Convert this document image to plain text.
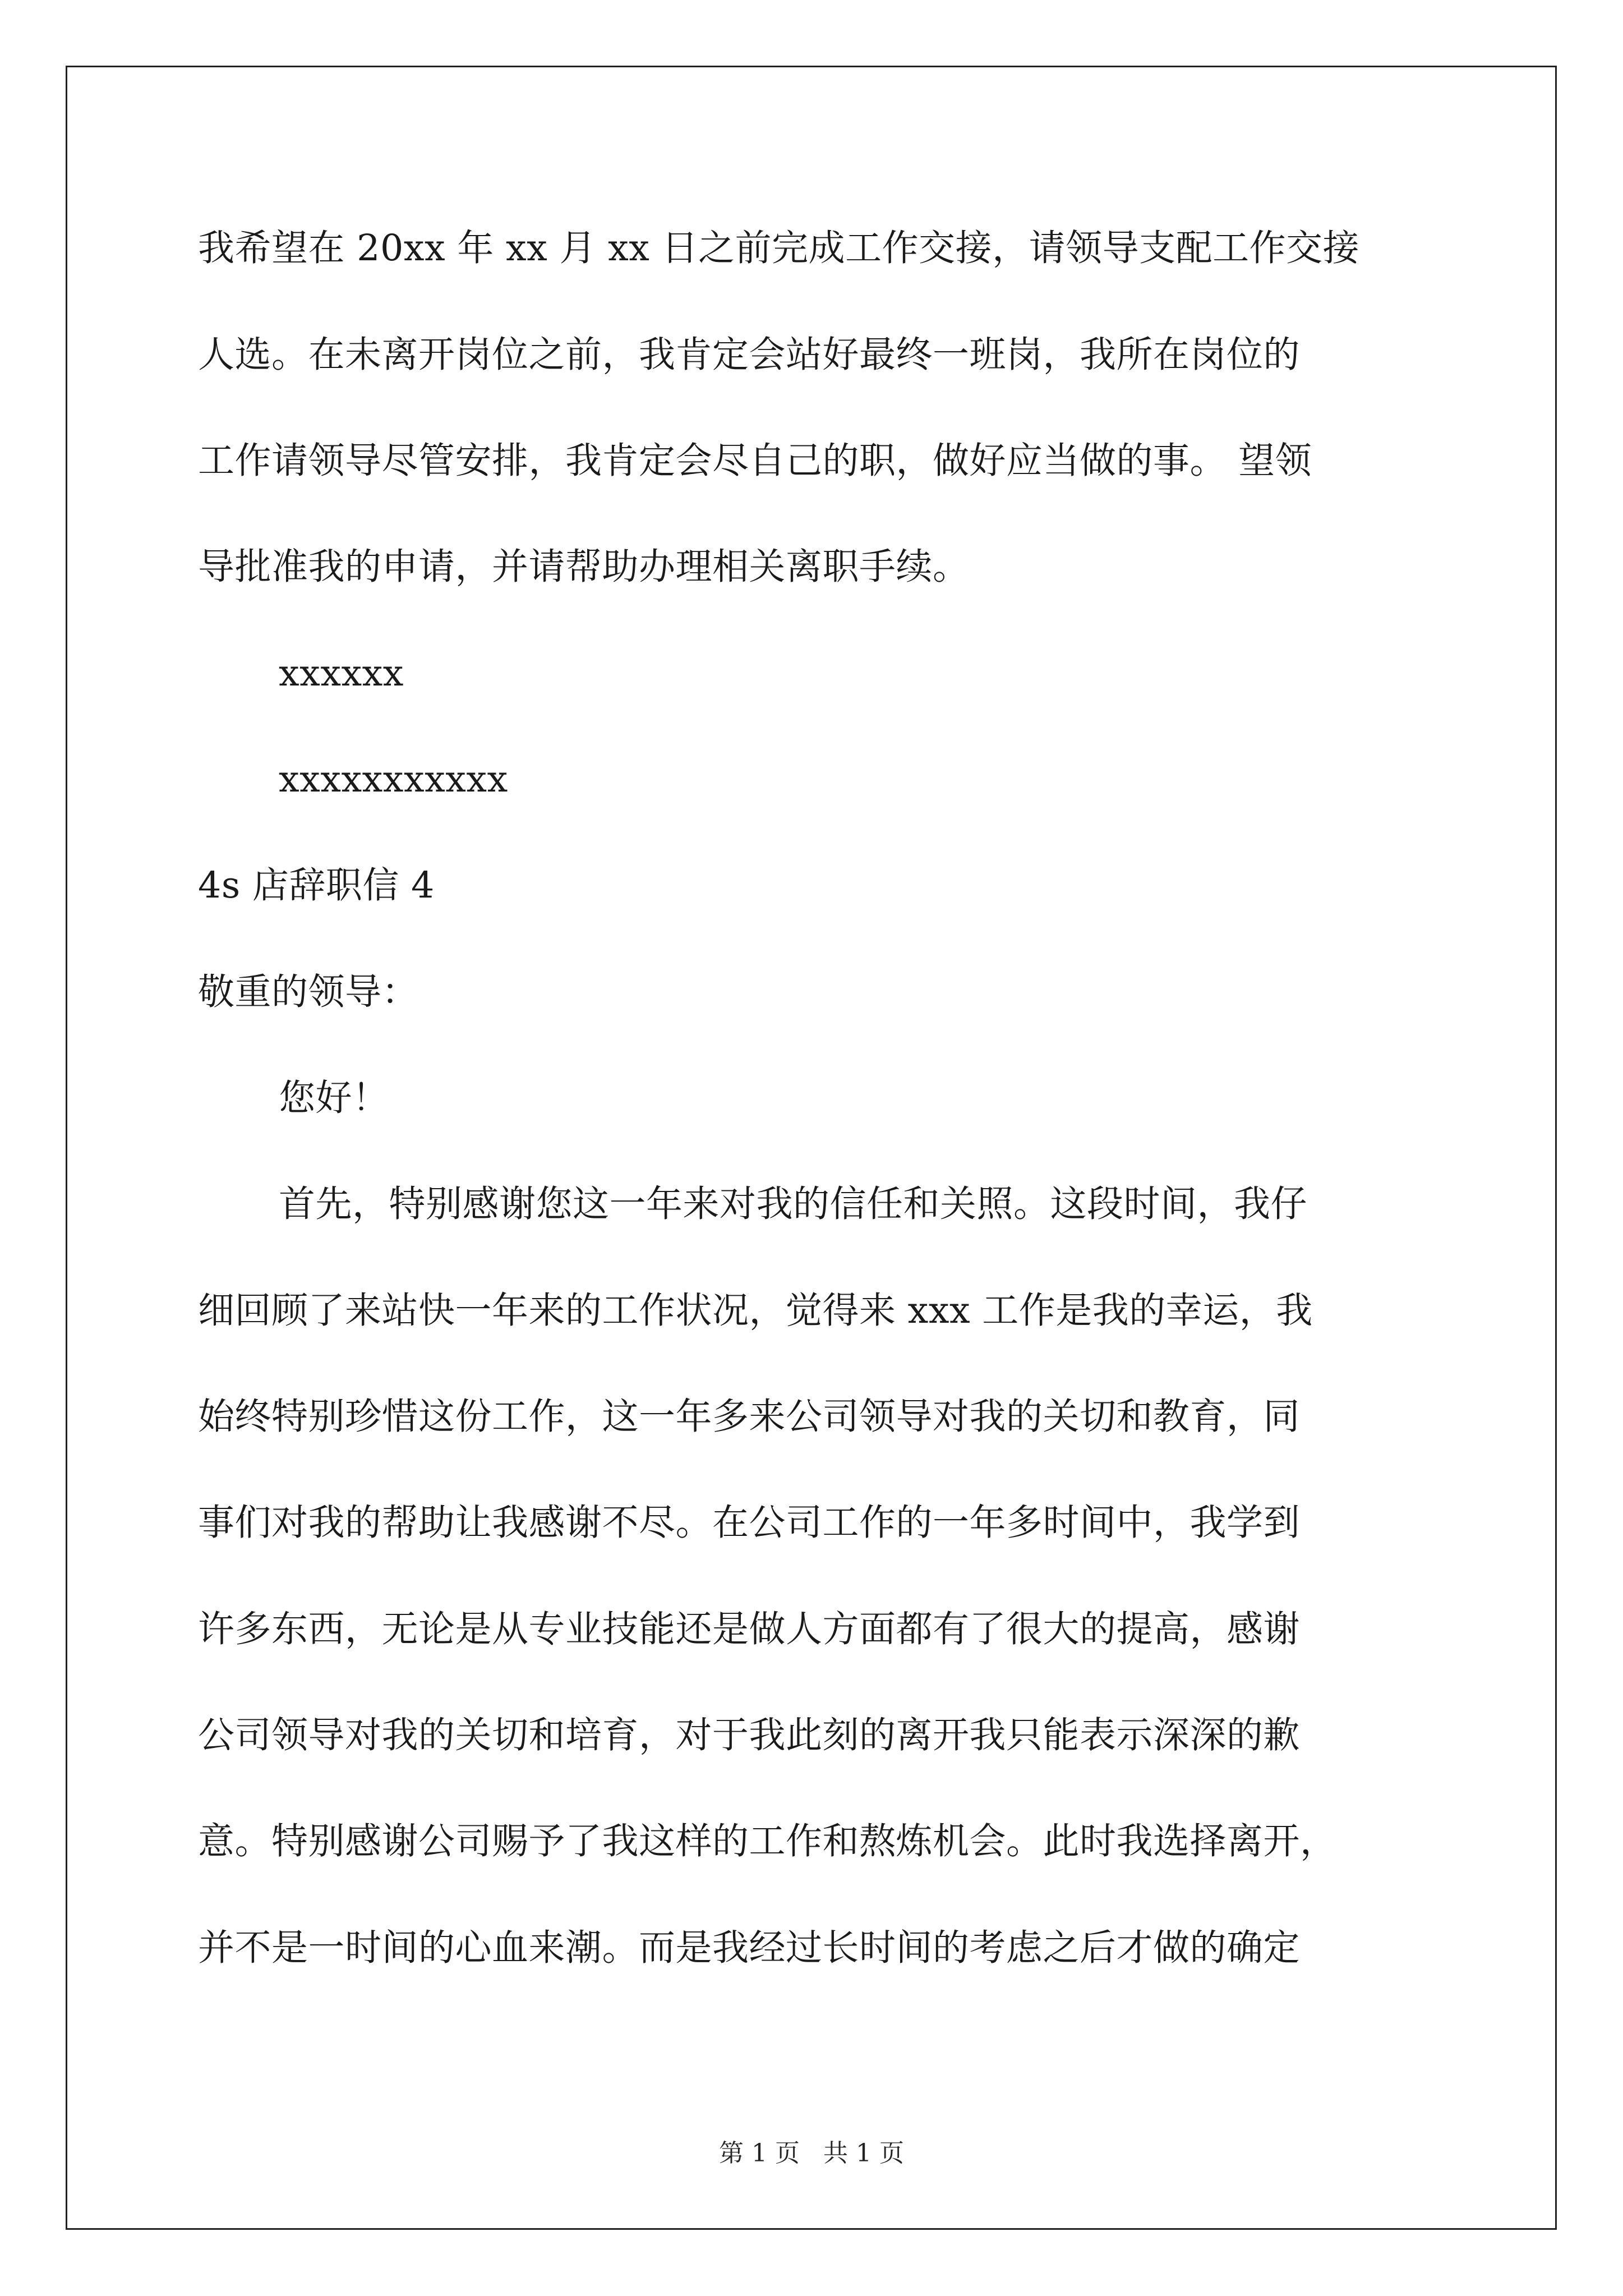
我希望在 20xx 年 xx 月 xx 日之前完成工作交接，请领导支配工作交接
人选。在未离开岗位之前，我肯定会站好最终一班岗，我所在岗位的
工作请领导尽管安排，我肯定会尽自己的职，做好应当做的事。 望领
导批准我的申请，并请帮助办理相关离职手续。
xxxxxx
xxxxxxxxxxx
4s 店辞职信 4
敬重的领导：
您好！
首先，特别感谢您这一年来对我的信任和关照。这段时间，我仔
细回顾了来站快一年来的工作状况，觉得来 xxx 工作是我的幸运，我
始终特别珍惜这份工作，这一年多来公司领导对我的关切和教育，同
事们对我的帮助让我感谢不尽。在公司工作的一年多时间中，我学到
许多东西，无论是从专业技能还是做人方面都有了很大的提高，感谢
公司领导对我的关切和培育，对于我此刻的离开我只能表示深深的歉
意。特别感谢公司赐予了我这样的工作和熬炼机会。此时我选择离开，
并不是一时间的心血来潮。而是我经过长时间的考虑之后才做的确定
第 1 页   共 1 页
